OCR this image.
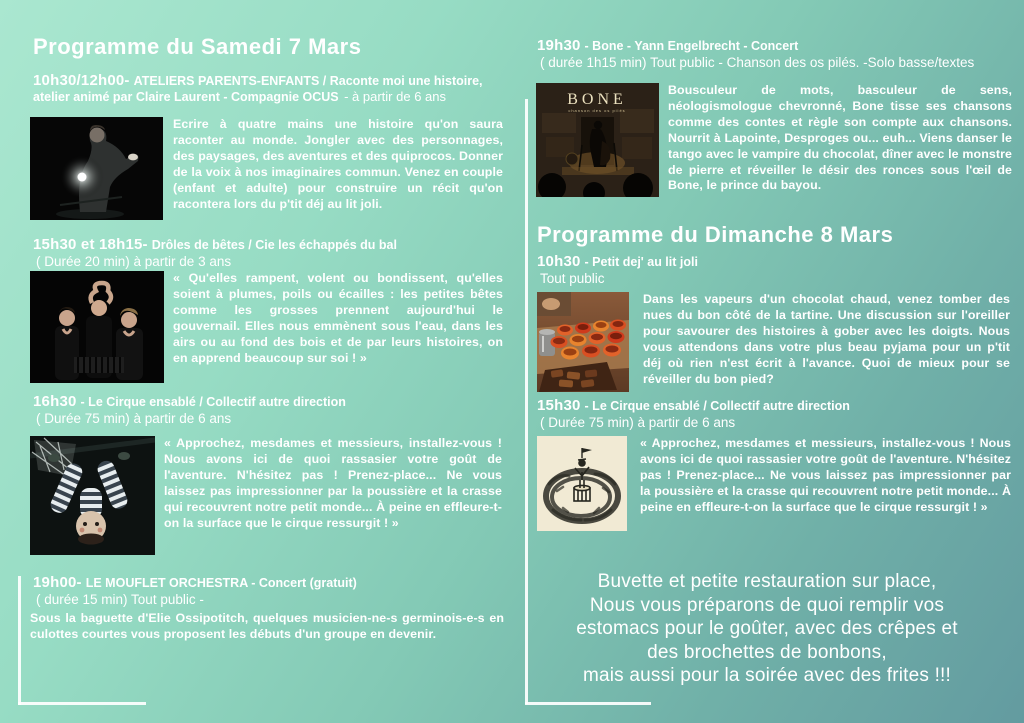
Programme du Samedi 7 Mars
10h30/12h00- ATELIERS PARENTS-ENFANTS / Raconte moi une histoire, atelier animé par Claire Laurent - Compagnie OCUS - à partir de 6 ans
Ecrire à quatre mains une histoire qu'on saura raconter au monde. Jongler avec des personnages, des paysages, des aventures et des quiprocos. Donner de la voix à nos imaginaires commun. Venez en couple (enfant et adulte) pour construire un récit qu'on racontera lors du p'tit déj au lit joli.
15h30 et 18h15- Drôles de bêtes / Cie les échappés du bal
( Durée 20 min) à partir de 3 ans
« Qu'elles rampent, volent ou bondissent, qu'elles soient à plumes, poils ou écailles : les petites bêtes comme les grosses prennent aujourd'hui le gouvernail. Elles nous emmènent sous l'eau, dans les airs ou au fond des bois et de par leurs histoires, on en apprend beaucoup sur soi ! »
16h30 - Le Cirque ensablé / Collectif autre direction
( Durée 75 min) à partir de 6 ans
« Approchez, mesdames et messieurs, installez-vous ! Nous avons ici de quoi rassasier votre goût de l'aventure. N'hésitez pas ! Prenez-place... Ne vous laissez pas impressionner par la poussière et la crasse qui recouvrent notre petit monde... À peine en effleure-t-on la surface que le cirque ressurgit ! »
19h00- LE MOUFLET ORCHESTRA - Concert (gratuit)
( durée 15 min) Tout public -
Sous la baguette d'Elie Ossipotitch, quelques musicien-ne-s germinois-e-s en culottes courtes vous proposent les débuts d'un groupe en devenir.
19h30 - Bone - Yann Engelbrecht - Concert
( durée 1h15 min) Tout public - Chanson des os pilés. -Solo basse/textes
BONE
chanson des os pilés
Bousculeur de mots, basculeur de sens, néologismologue chevronné, Bone tisse ses chansons comme des contes et règle son compte aux chansons. Nourrit à Lapointe, Desproges ou... euh... Viens danser le tango avec le vampire du chocolat, dîner avec le monstre de pierre et réveiller le désir des ronces sous l'œil de Bone, le prince du bayou.
Programme du Dimanche 8 Mars
10h30 - Petit dej' au lit joli
Tout public
Dans les vapeurs d'un chocolat chaud, venez tomber des nues du bon côté de la tartine. Une discussion sur l'oreiller pour savourer des histoires à gober avec les doigts. Nous vous attendons dans votre plus beau pyjama pour un p'tit déj où rien n'est écrit à l'avance. Quoi de mieux pour se réveiller du bon pied?
15h30 - Le Cirque ensablé / Collectif autre direction
( Durée 75 min) à partir de 6 ans
« Approchez, mesdames et messieurs, installez-vous ! Nous avons ici de quoi rassasier votre goût de l'aventure. N'hésitez pas ! Prenez-place... Ne vous laissez pas impressionner par la poussière et la crasse qui recouvrent notre petit monde... À peine en effleure-t-on la surface que le cirque ressurgit ! »
Buvette et petite restauration sur place,
Nous vous préparons de quoi remplir vos
estomacs pour le goûter, avec des crêpes et
des brochettes de bonbons,
mais aussi pour la soirée avec des frites !!!
